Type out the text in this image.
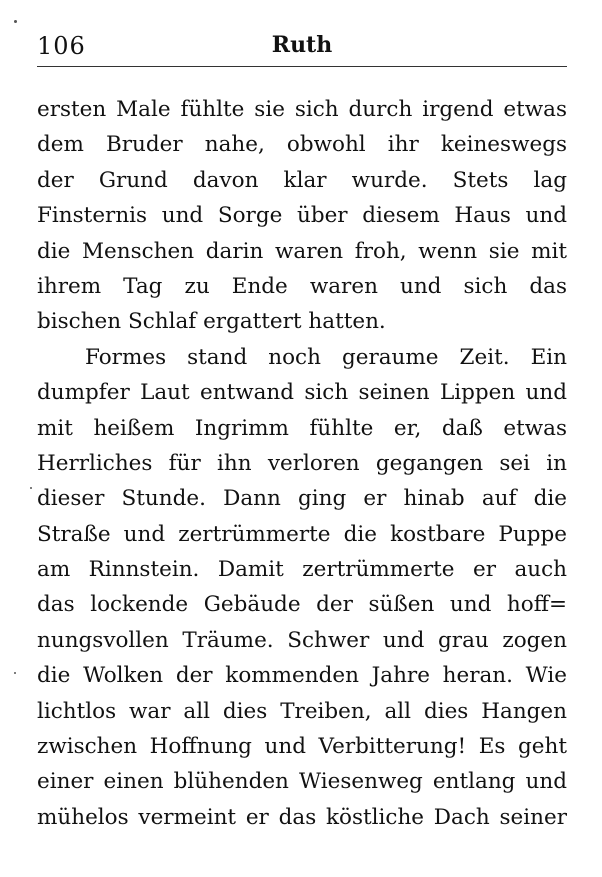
106	Ruth
ersten Male fühlte sie sich durch irgend etwas
dem Bruder nahe, obwohl ihr keineswegs
der Grund davon klar wurde. Stets lag
Finsternis und Sorge über diesem Haus und
die Menschen darin waren froh, wenn sie mit
ihrem Tag zu Ende waren und sich das
bischen Schlaf ergattert hatten.
Formes stand noch geraume Zeit. Ein
dumpfer Laut entwand sich seinen Lippen und
mit heißem Ingrimm fühlte er, daß etwas
Herrliches für ihn verloren gegangen sei in
dieser Stunde. Dann ging er hinab auf die
Straße und zertrümmerte die kostbare Puppe
am Rinnstein. Damit zertrümmerte er auch
das lockende Gebäude der süßen und hoff=
nungsvollen Träume. Schwer und grau zogen
die Wolken der kommenden Jahre heran. Wie
lichtlos war all dies Treiben, all dies Hangen
zwischen Hoffnung und Verbitterung! Es geht
einer einen blühenden Wiesenweg entlang und
mühelos vermeint er das köstliche Dach seiner
